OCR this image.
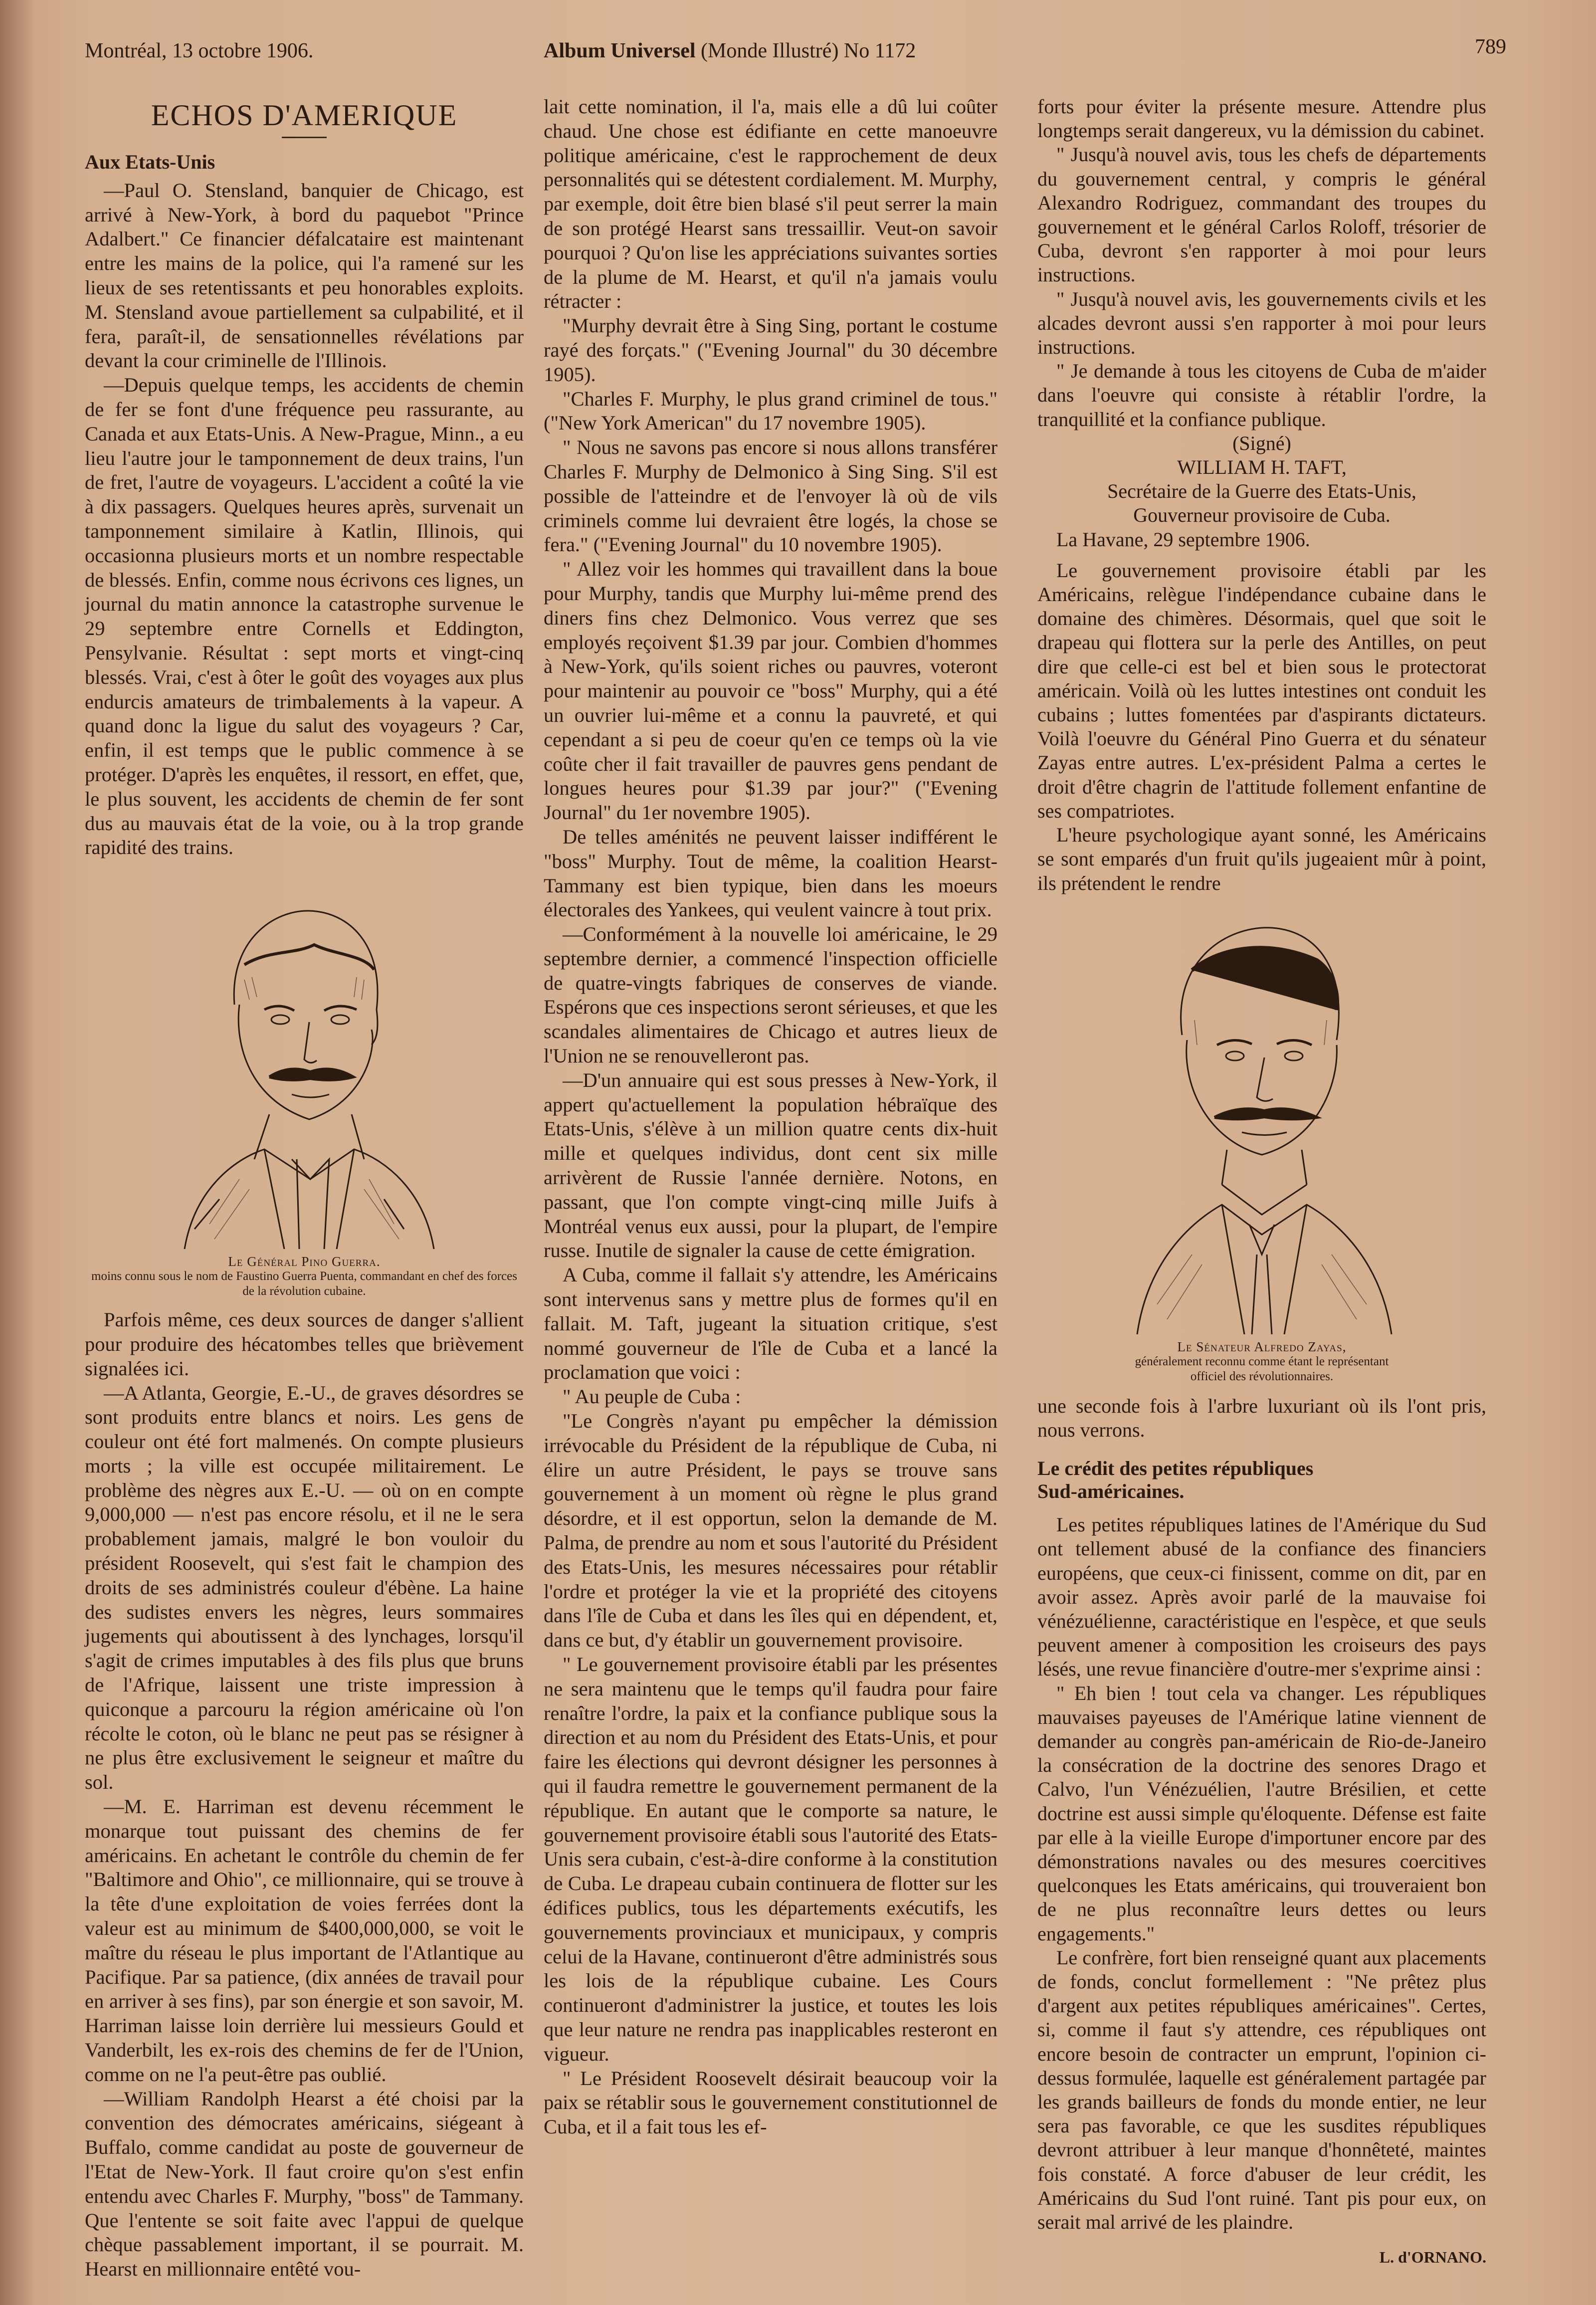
Montréal, 13 octobre 1906.	Album Universel (Monde Illustré) No 1172	789
ECHOS D'AMERIQUE
Aux Etats-Unis

—Paul O. Stensland, banquier de Chicago, est arrivé à New-York, à bord du paquebot "Prince Adalbert." Ce financier défalcataire est maintenant entre les mains de la police, qui l'a ramené sur les lieux de ses retentissants et peu honorables exploits. M. Stensland avoue partiellement sa culpabilité, et il fera, paraît-il, de sensationnelles révélations par devant la cour criminelle de l'Illinois.

—Depuis quelque temps, les accidents de chemin de fer se font d'une fréquence peu rassurante, au Canada et aux Etats-Unis. A New-Prague, Minn., a eu lieu l'autre jour le tamponnement de deux trains, l'un de fret, l'autre de voyageurs. L'accident a coûté la vie à dix passagers. Quelques heures après, survenait un tamponnement similaire à Katlin, Illinois, qui occasionna plusieurs morts et un nombre respectable de blessés. Enfin, comme nous écrivons ces lignes, un journal du matin annonce la catastrophe survenue le 29 septembre entre Cornells et Eddington, Pensylvanie. Résultat : sept morts et vingt-cinq blessés. Vrai, c'est à ôter le goût des voyages aux plus endurcis amateurs de trimbalements à la vapeur. A quand donc la ligue du salut des voyageurs ? Car, enfin, il est temps que le public commence à se protéger. D'après les enquêtes, il ressort, en effet, que, le plus souvent, les accidents de chemin de fer sont dus au mauvais état de la voie, ou à la trop grande rapidité des trains.

Le Général Pino Guerra.
moins connu sous le nom de Faustino Guerra Puenta, commandant en chef des forces de la révolution cubaine.

Parfois même, ces deux sources de danger s'allient pour produire des hécatombes telles que brièvement signalées ici.

—A Atlanta, Georgie, E.-U., de graves désordres se sont produits entre blancs et noirs. Les gens de couleur ont été fort malmenés. On compte plusieurs morts ; la ville est occupée militairement. Le problème des nègres aux E.-U. — où on en compte 9,000,000 — n'est pas encore résolu, et il ne le sera probablement jamais, malgré le bon vouloir du président Roosevelt, qui s'est fait le champion des droits de ses administrés couleur d'ébène. La haine des sudistes envers les nègres, leurs sommaires jugements qui aboutissent à des lynchages, lorsqu'il s'agit de crimes imputables à des fils plus que bruns de l'Afrique, laissent une triste impression à quiconque a parcouru la région américaine où l'on récolte le coton, où le blanc ne peut pas se résigner à ne plus être exclusivement le seigneur et maître du sol.

—M. E. Harriman est devenu récemment le monarque tout puissant des chemins de fer américains. En achetant le contrôle du chemin de fer "Baltimore and Ohio", ce millionnaire, qui se trouve à la tête d'une exploitation de voies ferrées dont la valeur est au minimum de $400,000,000, se voit le maître du réseau le plus important de l'Atlantique au Pacifique. Par sa patience, (dix années de travail pour en arriver à ses fins), par son énergie et son savoir, M. Harriman laisse loin derrière lui messieurs Gould et Vanderbilt, les ex-rois des chemins de fer de l'Union, comme on ne l'a peut-être pas oublié.

—William Randolph Hearst a été choisi par la convention des démocrates américains, siégeant à Buffalo, comme candidat au poste de gouverneur de l'Etat de New-York. Il faut croire qu'on s'est enfin entendu avec Charles F. Murphy, "boss" de Tammany. Que l'entente se soit faite avec l'appui de quelque chèque passablement important, il se pourrait. M. Hearst en millionnaire entêté vou-

lait cette nomination, il l'a, mais elle a dû lui coûter chaud. Une chose est édifiante en cette manoeuvre politique américaine, c'est le rapprochement de deux personnalités qui se détestent cordialement. M. Murphy, par exemple, doit être bien blasé s'il peut serrer la main de son protégé Hearst sans tressaillir. Veut-on savoir pourquoi ? Qu'on lise les appréciations suivantes sorties de la plume de M. Hearst, et qu'il n'a jamais voulu rétracter :

"Murphy devrait être à Sing Sing, portant le costume rayé des forçats." ("Evening Journal" du 30 décembre 1905).

"Charles F. Murphy, le plus grand criminel de tous." ("New York American" du 17 novembre 1905).

" Nous ne savons pas encore si nous allons transférer Charles F. Murphy de Delmonico à Sing Sing. S'il est possible de l'atteindre et de l'envoyer là où de vils criminels comme lui devraient être logés, la chose se fera." ("Evening Journal" du 10 novembre 1905).

" Allez voir les hommes qui travaillent dans la boue pour Murphy, tandis que Murphy lui-même prend des diners fins chez Delmonico. Vous verrez que ses employés reçoivent $1.39 par jour. Combien d'hommes à New-York, qu'ils soient riches ou pauvres, voteront pour maintenir au pouvoir ce "boss" Murphy, qui a été un ouvrier lui-même et a connu la pauvreté, et qui cependant a si peu de coeur qu'en ce temps où la vie coûte cher il fait travailler de pauvres gens pendant de longues heures pour $1.39 par jour?" ("Evening Journal" du 1er novembre 1905).

De telles aménités ne peuvent laisser indifférent le "boss" Murphy. Tout de même, la coalition Hearst-Tammany est bien typique, bien dans les moeurs électorales des Yankees, qui veulent vaincre à tout prix.

—Conformément à la nouvelle loi américaine, le 29 septembre dernier, a commencé l'inspection officielle de quatre-vingts fabriques de conserves de viande. Espérons que ces inspections seront sérieuses, et que les scandales alimentaires de Chicago et autres lieux de l'Union ne se renouvelleront pas.

—D'un annuaire qui est sous presses à New-York, il appert qu'actuellement la population hébraïque des Etats-Unis, s'élève à un million quatre cents dix-huit mille et quelques individus, dont cent six mille arrivèrent de Russie l'année dernière. Notons, en passant, que l'on compte vingt-cinq mille Juifs à Montréal venus eux aussi, pour la plupart, de l'empire russe. Inutile de signaler la cause de cette émigration.

A Cuba, comme il fallait s'y attendre, les Américains sont intervenus sans y mettre plus de formes qu'il en fallait. M. Taft, jugeant la situation critique, s'est nommé gouverneur de l'île de Cuba et a lancé la proclamation que voici :

" Au peuple de Cuba :

"Le Congrès n'ayant pu empêcher la démission irrévocable du Président de la république de Cuba, ni élire un autre Président, le pays se trouve sans gouvernement à un moment où règne le plus grand désordre, et il est opportun, selon la demande de M. Palma, de prendre au nom et sous l'autorité du Président des Etats-Unis, les mesures nécessaires pour rétablir l'ordre et protéger la vie et la propriété des citoyens dans l'île de Cuba et dans les îles qui en dépendent, et, dans ce but, d'y établir un gouvernement provisoire.

" Le gouvernement provisoire établi par les présentes ne sera maintenu que le temps qu'il faudra pour faire renaître l'ordre, la paix et la confiance publique sous la direction et au nom du Président des Etats-Unis, et pour faire les élections qui devront désigner les personnes à qui il faudra remettre le gouvernement permanent de la république. En autant que le comporte sa nature, le gouvernement provisoire établi sous l'autorité des Etats-Unis sera cubain, c'est-à-dire conforme à la constitution de Cuba. Le drapeau cubain continuera de flotter sur les édifices publics, tous les départements exécutifs, les gouvernements provinciaux et municipaux, y compris celui de la Havane, continueront d'être administrés sous les lois de la république cubaine. Les Cours continueront d'administrer la justice, et toutes les lois que leur nature ne rendra pas inapplicables resteront en vigueur.

" Le Président Roosevelt désirait beaucoup voir la paix se rétablir sous le gouvernement constitutionnel de Cuba, et il a fait tous les ef-

forts pour éviter la présente mesure. Attendre plus longtemps serait dangereux, vu la démission du cabinet.

" Jusqu'à nouvel avis, tous les chefs de départements du gouvernement central, y compris le général Alexandro Rodriguez, commandant des troupes du gouvernement et le général Carlos Roloff, trésorier de Cuba, devront s'en rapporter à moi pour leurs instructions.

" Jusqu'à nouvel avis, les gouvernements civils et les alcades devront aussi s'en rapporter à moi pour leurs instructions.

" Je demande à tous les citoyens de Cuba de m'aider dans l'oeuvre qui consiste à rétablir l'ordre, la tranquillité et la confiance publique.

(Signé)
WILLIAM H. TAFT,
Secrétaire de la Guerre des Etats-Unis,
Gouverneur provisoire de Cuba.

La Havane, 29 septembre 1906.

Le gouvernement provisoire établi par les Américains, relègue l'indépendance cubaine dans le domaine des chimères. Désormais, quel que soit le drapeau qui flottera sur la perle des Antilles, on peut dire que celle-ci est bel et bien sous le protectorat américain. Voilà où les luttes intestines ont conduit les cubains ; luttes fomentées par d'aspirants dictateurs. Voilà l'oeuvre du Général Pino Guerra et du sénateur Zayas entre autres. L'ex-président Palma a certes le droit d'être chagrin de l'attitude follement enfantine de ses compatriotes.

L'heure psychologique ayant sonné, les Américains se sont emparés d'un fruit qu'ils jugeaient mûr à point, ils prétendent le rendre

Le Sénateur Alfredo Zayas,
généralement reconnu comme étant le représentant
officiel des révolutionnaires.

une seconde fois à l'arbre luxuriant où ils l'ont pris, nous verrons.

Le crédit des petites républiques
Sud-américaines.

Les petites républiques latines de l'Amérique du Sud ont tellement abusé de la confiance des financiers européens, que ceux-ci finissent, comme on dit, par en avoir assez. Après avoir parlé de la mauvaise foi vénézuélienne, caractéristique en l'espèce, et que seuls peuvent amener à composition les croiseurs des pays lésés, une revue financière d'outre-mer s'exprime ainsi :

" Eh bien ! tout cela va changer. Les républiques mauvaises payeuses de l'Amérique latine viennent de demander au congrès pan-américain de Rio-de-Janeiro la consécration de la doctrine des senores Drago et Calvo, l'un Vénézuélien, l'autre Brésilien, et cette doctrine est aussi simple qu'éloquente. Défense est faite par elle à la vieille Europe d'importuner encore par des démonstrations navales ou des mesures coercitives quelconques les Etats américains, qui trouveraient bon de ne plus reconnaître leurs dettes ou leurs engagements."

Le confrère, fort bien renseigné quant aux placements de fonds, conclut formellement : "Ne prêtez plus d'argent aux petites républiques américaines". Certes, si, comme il faut s'y attendre, ces républiques ont encore besoin de contracter un emprunt, l'opinion ci-dessus formulée, laquelle est généralement partagée par les grands bailleurs de fonds du monde entier, ne leur sera pas favorable, ce que les susdites républiques devront attribuer à leur manque d'honnêteté, maintes fois constaté. A force d'abuser de leur crédit, les Américains du Sud l'ont ruiné. Tant pis pour eux, on serait mal arrivé de les plaindre.

L. d'ORNANO.
